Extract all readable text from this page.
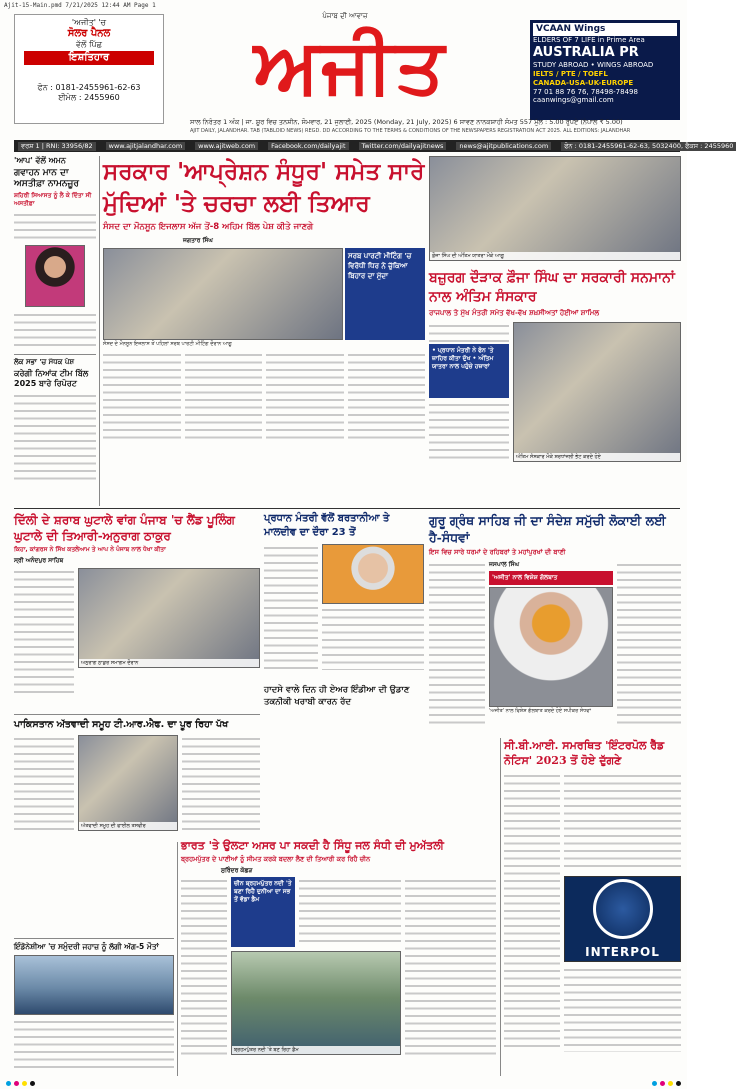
Ajit-15-Main.pmd 7/21/2025 12:44 AM Page 1
'ਅਜੀਤ' 'ਚ
ਸੋਲਰ ਪੈਨਲ
ਵੱਲੋਂ ਪਿੱਛ
ਇਸ਼ਤਿਹਾਰ
ਫੋਨ : 0181-2455961-62-63
ਈਮੇਲ : 2455960
ਪੰਜਾਬ ਦੀ ਆਵਾਜ਼
ਅਜੀਤ	VCAAN Wings
ELDERS OF 7 LIFE in Prime Area
AUSTRALIA PR
STUDY ABROAD • WINGS ABROAD
IELTS / PTE / TOEFL
CANADA-USA-UK-EUROPE
77 01 88 76 76, 78498-78498
caanwings@gmail.com
ਸਾਲ ਨਿਰੰਤਰ 1 ਅੰਕ | ਜਾ. ਸ਼ੂਰ ਵਿਚ ਤਨਸ਼ੀਨ, ਸੋਮਵਾਰ, 21 ਜੁਲਾਈ, 2025 (Monday, 21 July, 2025) 6 ਸਾਵਣ ਨਾਨਕਸ਼ਾਹੀ ਸੰਮਤ 557 ਮੁੱਲ : 5.00 ਰੁਪਏ (ਨੇਪਾਲ ₹ 5.00)
AJIT DAILY, JALANDHAR. TAB (TABLOID NEWS) REGD. DD ACCORDING TO THE TERMS & CONDITIONS OF THE NEWSPAPERS REGISTRATION ACT 2025. ALL EDITIONS: JALANDHAR
ਵਰਸ਼ 1 | RNI: 33956/82	www.ajitjalandhar.com	www.ajitweb.com	Facebook.com/dailyajit	Twitter.com/dailyajitnews	news@ajitpublications.com	ਫੋਨ : 0181-2455961-62-63, 5032400, ਫੈਕਸ : 2455960
'ਆਪ' ਵੱਲੋਂ ਅਮਨ
ਗਵਾਹਨ ਮਾਨ ਦਾ ਅਸਤੀਫ਼ਾ ਨਾਮਨਜ਼ੂਰ
ਸ਼ਹਿਰੀ ਸਿਆਸਤ ਨੂੰ ਲੈ ਕੇ ਦਿੱਤਾ ਸੀ ਅਸਤੀਫ਼ਾ
ਲੋਕ ਸਭਾ 'ਚ ਮੱਧਕ ਪੇਸ਼
ਕਰੇਗੀ ਨਿਆਂਕ ਟੀਮ ਬਿੱਲ 2025 ਬਾਰੇ ਰਿਪੋਰਟ
ਸਰਕਾਰ 'ਆਪ੍ਰੇਸ਼ਨ ਸੰਧੂਰ' ਸਮੇਤ ਸਾਰੇ ਮੁੱਦਿਆਂ 'ਤੇ ਚਰਚਾ ਲਈ ਤਿਆਰ
ਸੰਸਦ ਦਾ ਮੌਨਸੂਨ ਇਜਲਾਸ ਅੱਜ ਤੋਂ-8 ਅਹਿਮ ਬਿੱਲ ਪੇਸ਼ ਕੀਤੇ ਜਾਣਗੇ
ਜਗਤਾਰ ਸਿੰਘ
ਸਰਬ ਪਾਰਟੀ ਮੀਟਿੰਗ 'ਚ ਵਿਰੋਧੀ ਧਿਰ ਨੇ ਚੁੱਕਿਆ ਬਿਹਾਰ ਦਾ ਮੁੱਦਾ
ਸੰਸਦ ਦੇ ਮੌਨਸੂਨ ਇਜਲਾਸ ਤੋਂ ਪਹਿਲਾਂ ਸਰਬ ਪਾਰਟੀ ਮੀਟਿੰਗ ਦੌਰਾਨ ਆਗੂ
ਫ਼ੌਜਾ ਸਿੰਘ ਦੀ ਅੰਤਿਮ ਯਾਤਰਾ ਮੌਕੇ ਆਗੂ
ਬਜ਼ੁਰਗ ਦੌੜਾਕ ਫ਼ੌਜਾ ਸਿੰਘ ਦਾ ਸਰਕਾਰੀ ਸਨਮਾਨਾਂ ਨਾਲ ਅੰਤਿਮ ਸੰਸਕਾਰ
ਰਾਜਪਾਲ ਤੇ ਮੁੱਖ ਮੰਤਰੀ ਸਮੇਤ ਵੱਖ-ਵੱਖ ਸ਼ਖ਼ਸੀਅਤਾਂ ਹੋਈਆਂ ਸ਼ਾਮਿਲ
• ਪ੍ਰਧਾਨ ਮੰਤਰੀ ਨੇ ਫੋਨ 'ਤੇ ਜ਼ਾਹਿਰ ਕੀਤਾ ਦੁੱਖ • ਅੰਤਿਮ ਯਾਤਰਾ ਨਾਲ ਪਹੁੰਚੇ ਹਜ਼ਾਰਾਂ
ਅੰਤਿਮ ਸੰਸਕਾਰ ਮੌਕੇ ਸ਼ਰਧਾਂਜਲੀ ਭੇਟ ਕਰਦੇ ਹੋਏ
ਦਿੱਲੀ ਦੇ ਸ਼ਰਾਬ ਘੁਟਾਲੇ ਵਾਂਗ ਪੰਜਾਬ 'ਚ ਲੈਂਡ ਪੂਲਿੰਗ ਘੁਟਾਲੇ ਦੀ ਤਿਆਰੀ-ਅਨੁਰਾਗ ਠਾਕੁਰ
ਕਿਹਾ, ਕਾਂਗਰਸ ਨੇ ਸਿੱਖ ਕਤਲੇਆਮ ਤੇ ਆਪ ਨੇ ਪੰਜਾਬ ਨਾਲ ਧੋਖਾ ਕੀਤਾ
ਸ੍ਰੀ ਅਨੰਦਪੁਰ ਸਾਹਿਬ
ਅਨੁਰਾਗ ਠਾਕੁਰ ਸਮਾਗਮ ਦੌਰਾਨ
ਪ੍ਰਧਾਨ ਮੰਤਰੀ ਵੱਲੋਂ ਬਰਤਾਨੀਆ ਤੇ ਮਾਲਦੀਵ ਦਾ ਦੌਰਾ 23 ਤੋਂ
ਹਾਦਸੇ ਵਾਲੇ ਦਿਨ ਹੀ ਏਅਰ ਇੰਡੀਆ ਦੀ ਉਡਾਣ ਤਕਨੀਕੀ ਖਰਾਬੀ ਕਾਰਨ ਰੱਦ
ਗੁਰੂ ਗ੍ਰੰਥ ਸਾਹਿਬ ਜੀ ਦਾ ਸੰਦੇਸ਼ ਸਮੁੱਚੀ ਲੋਕਾਈ ਲਈ ਹੈ-ਸੰਧਵਾਂ
ਇਸ ਵਿਚ ਸਾਰੇ ਧਰਮਾਂ ਦੇ ਰਹਿਬਰਾਂ ਤੇ ਮਹਾਂਪੁਰਖਾਂ ਦੀ ਬਾਣੀ
ਜਸਪਾਲ ਸਿੰਘ
'ਅਜੀਤ' ਨਾਲ ਵਿਸ਼ੇਸ਼ ਗੱਲਬਾਤ
'ਅਜੀਤ' ਨਾਲ ਵਿਸ਼ੇਸ਼ ਗੱਲਬਾਤ ਕਰਦੇ ਹੋਏ ਸਪੀਕਰ ਸੰਧਵਾਂ
ਪਾਕਿਸਤਾਨ ਅੱਤਵਾਦੀ ਸਮੂਹ ਟੀ.ਆਰ.ਐਫ. ਦਾ ਪੂਰ ਰਿਹਾ ਪੱਖ
ਅੱਤਵਾਦੀ ਸਮੂਹ ਦੀ ਫਾਈਲ ਤਸਵੀਰ
ਇੰਡੋਨੇਸ਼ੀਆ 'ਚ ਸਮੁੰਦਰੀ ਜਹਾਜ਼ ਨੂੰ ਲੱਗੀ ਅੱਗ-5 ਮੌਤਾਂ
ਭਾਰਤ 'ਤੇ ਉਲਟਾ ਅਸਰ ਪਾ ਸਕਦੀ ਹੈ ਸਿੰਧੂ ਜਲ ਸੰਧੀ ਦੀ ਮੁਅੱਤਲੀ
ਬ੍ਰਹਮਪੁੱਤਰ ਦੇ ਪਾਣੀਆਂ ਨੂੰ ਸੀਮਤ ਕਰਕੇ ਬਦਲਾ ਲੈਣ ਦੀ ਤਿਆਰੀ ਕਰ ਰਿਹੈ ਚੀਨ
ਸੁਰਿੰਦਰ ਕੋਛੜ
ਚੀਨ ਬ੍ਰਹਮਪੁੱਤਰ ਨਦੀ 'ਤੇ ਬਣਾ ਰਿਹੈ ਦੁਨੀਆ ਦਾ ਸਭ ਤੋਂ ਵੱਡਾ ਡੈਮ
ਬ੍ਰਹਮਪੁੱਤਰ ਨਦੀ 'ਤੇ ਬਣ ਰਿਹਾ ਡੈਮ
ਸੀ.ਬੀ.ਆਈ. ਸਮਰਥਿਤ 'ਇੰਟਰਪੋਲ ਰੈੱਡ ਨੋਟਿਸ' 2023 ਤੋਂ ਹੋਏ ਦੁੱਗਣੇ
INTERPOL
